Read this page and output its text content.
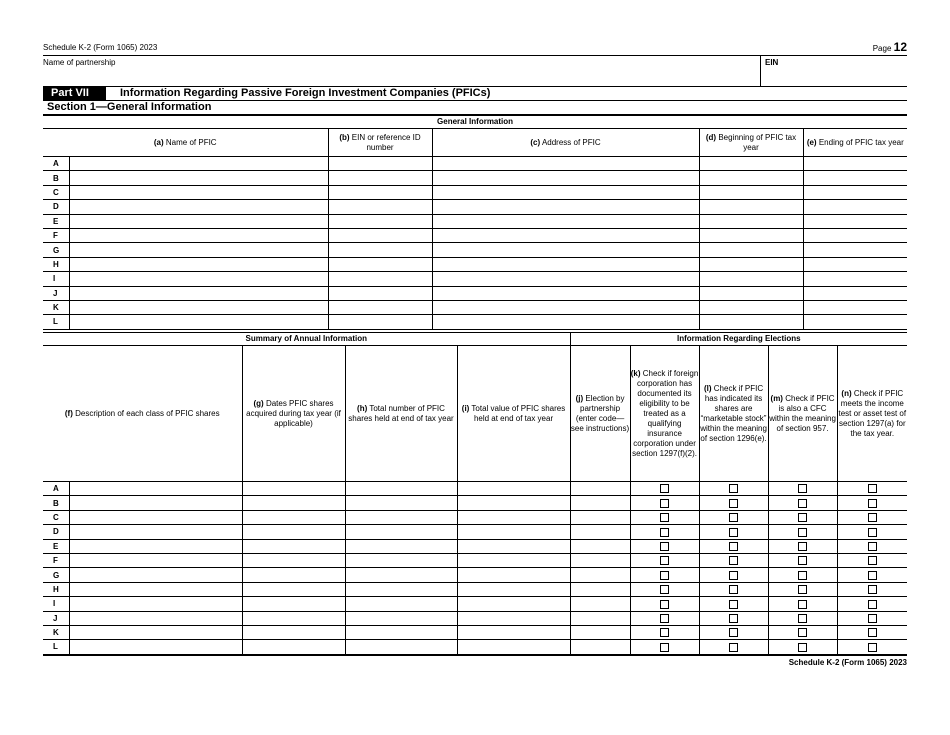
Schedule K-2 (Form 1065) 2023	Page 12
Name of partnership	EIN
Part VII	Information Regarding Passive Foreign Investment Companies (PFICs)
Section 1—General Information
General Information					
(a) Name of PFIC		(b) EIN or reference ID number	(c) Address of PFIC	(d) Beginning of PFIC tax year	(e) Ending of PFIC tax year
A					
B					
C					
D					
E					
F					
G					
H					
I					
J					
K					
L					
Summary of Annual Information					Information Regarding Elections				
(f) Description of each class of PFIC shares		(g) Dates PFIC shares acquired during tax year (if applicable)	(h) Total number of PFIC shares held at end of tax year	(i) Total value of PFIC shares held at end of tax year	(j) Election by partnership (enter code—see instructions)	(k) Check if foreign corporation has documented its eligibility to be treated as a qualifying insurance corporation under section 1297(f)(2).	(l) Check if PFIC has indicated its shares are “marketable stock” within the meaning of section 1296(e).	(m) Check if PFIC is also a CFC within the meaning of section 957.	(n) Check if PFIC meets the income test or asset test of section 1297(a) for the tax year.
A									
B									
C									
D									
E									
F									
G									
H									
I									
J									
K									
L									
Schedule K-2 (Form 1065) 2023
